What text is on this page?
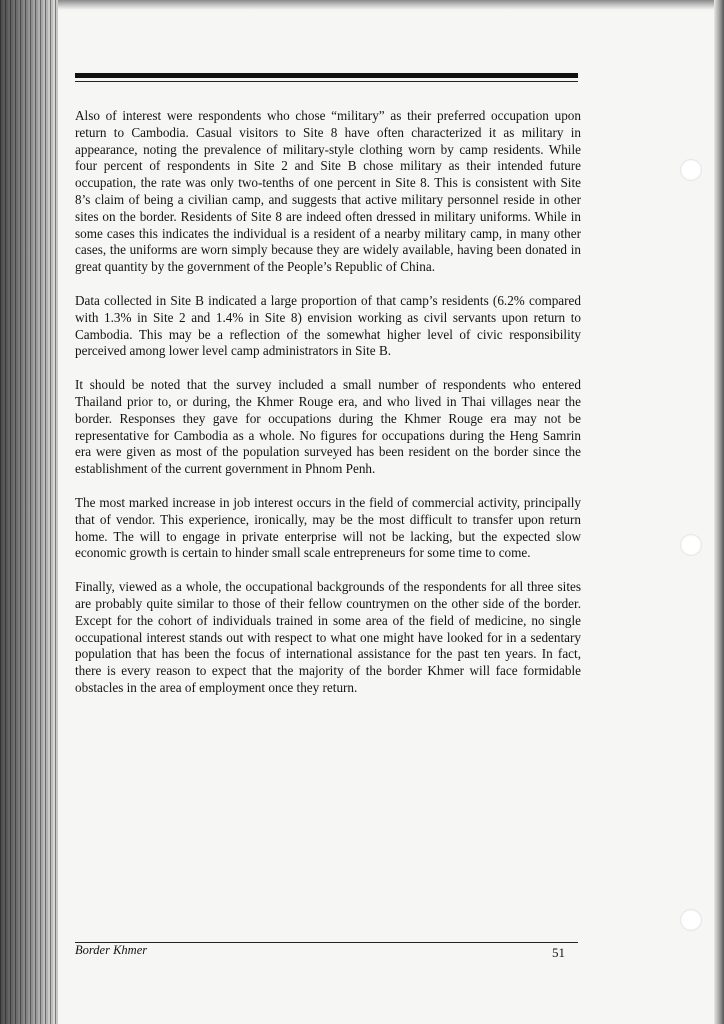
Also of interest were respondents who chose “military” as their preferred occupation upon return to Cambodia. Casual visitors to Site 8 have often characterized it as military in appearance, noting the prevalence of military-style clothing worn by camp residents. While four percent of respondents in Site 2 and Site B chose military as their intended future occupation, the rate was only two-tenths of one percent in Site 8. This is consistent with Site 8’s claim of being a civilian camp, and suggests that active military personnel reside in other sites on the border. Residents of Site 8 are indeed often dressed in military uniforms. While in some cases this indicates the individual is a resident of a nearby military camp, in many other cases, the uniforms are worn simply because they are widely available, having been donated in great quantity by the government of the People’s Republic of China.

Data collected in Site B indicated a large proportion of that camp’s residents (6.2% compared with 1.3% in Site 2 and 1.4% in Site 8) envision working as civil servants upon return to Cambodia. This may be a reflection of the somewhat higher level of civic responsibility perceived among lower level camp administrators in Site B.

It should be noted that the survey included a small number of respondents who entered Thailand prior to, or during, the Khmer Rouge era, and who lived in Thai villages near the border. Responses they gave for occupations during the Khmer Rouge era may not be representative for Cambodia as a whole. No figures for occupations during the Heng Samrin era were given as most of the population surveyed has been resident on the border since the establishment of the current government in Phnom Penh.

The most marked increase in job interest occurs in the field of commercial activity, principally that of vendor. This experience, ironically, may be the most difficult to transfer upon return home. The will to engage in private enterprise will not be lacking, but the expected slow economic growth is certain to hinder small scale entrepreneurs for some time to come.

Finally, viewed as a whole, the occupational backgrounds of the respondents for all three sites are probably quite similar to those of their fellow countrymen on the other side of the border. Except for the cohort of individuals trained in some area of the field of medicine, no single occupational interest stands out with respect to what one might have looked for in a sedentary population that has been the focus of international assistance for the past ten years. In fact, there is every reason to expect that the majority of the border Khmer will face formidable obstacles in the area of employment once they return.

Border Khmer	51
